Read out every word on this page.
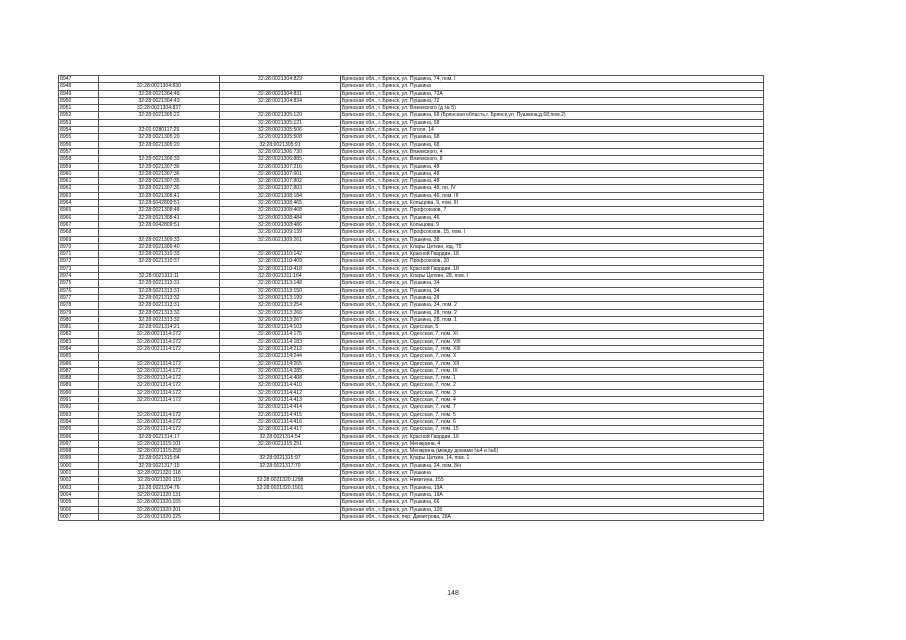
8947		32:28:0021304:829	Брянская обл., г. Брянск, ул. Пушкина, 74, пом. I
8948	32:28:0021304:830		Брянская обл., г. Брянск, ул. Пушкина
8949	32:28:0021304:48	32:28:0021304:831	Брянская обл., г. Брянск, ул. Пушкина, 72А
8950	32:28:0021304:43	32:28:0021304:834	Брянская обл., г. Брянск, ул. Пушкина, 72
8951	32:28:0021304:837		Брянская обл., г. Брянск, ул. Вяземского (д № 5)
8952	32:28:0021305:22	32:28:0021305:120	Брянская обл., г. Брянск, ул. Пушкина, 68 (Брянская область,г. Брянск,ул. Пушкина,д.68,пом.2)
8953		32:28:0021305:121	Брянская обл., г. Брянск, ул. Пушкина, 68
8954	32:01:0280117:25	32:28:0021305:506	Брянская обл., г. Брянск, ул. Гоголя, 14
8955	32:28:0021305:20	32:28:0021305:508	Брянская обл., г. Брянск, ул. Пушкина, 68
8956	32:28:0021305:20	32:28:0021305:91	Брянская обл., г. Брянск, ул. Пушкина, 68
8957		32:28:0021306:730	Брянская обл., г. Брянск, ул. Вяземского, 4
8958	32:28:0021306:33	32:28:0021306:885	Брянская обл., г. Брянск, ул. Вяземского, 8
8959	32:28:0021307:36	32:28:0021307:216	Брянская обл., г. Брянск, ул. Пушкина, 48
8960	32:28:0021307:36	32:28:0021307:601	Брянская обл., г. Брянск, ул. Пушкина, 48
8961	32:28:0021307:35	32:28:0021307:802	Брянская обл., г. Брянск, ул. Пушкина, 48
8962	32:28:0021307:35	32:28:0021307:803	Брянская обл., г. Брянск, ул. Пушкина, 48, пн. IV
8963	32:28:0021308:41	32:28:0021308:184	Брянская обл., г. Брянск, ул. Пушкина, 46, пом. III
8964	32:28:0042809:51	32:28:0021308:465	Брянская обл., г. Брянск, ул. Копыцова, 9, пом. III
8965	32:28:0021308:48	32:28:0021308:468	Брянская обл., г. Брянск, ул. Профсоюзов, 7
8966	32:28:0021308:41	32:28:0021308:484	Брянская обл., г. Брянск, ул. Пушкина, 46
8967	32:28:0042809:51	32:28:0021308:486	Брянская обл., г. Брянск, ул. Копыцова, 9
8968		32:28:0021309:139	Брянская обл., г. Брянск, ул. Профсоюзов, 15, пом. I
8969	32:28:0021309:33	32:28:0021309:261	Брянская обл., г. Брянск, ул. Пушкина, 38
8970	32:28:0021309:40		Брянская обл., г. Брянск, ул. Клары Цеткин, юд, Т5
8971	32:28:0021310:33	32:28:0021310:142	Брянская обл., г. Брянск, ул. Красной Гвардии, 18
8972	32:28:0021310:37	32:28:0021310:409	Брянская обл., г. Брянск, ул. Профсоюзов, 20
8973		32:28:0021310:418	Брянская обл., г. Брянск, ул. Красной Гвардии, 18
8974	32:28:0021311:11	32:28:0021311:164	Брянская обл., г. Брянск, ул. Клары Цеткин, 28, пом. I
8975	32:28:0021313:31	32:28:0021313:148	Брянская обл., г. Брянск, ул. Пушкина, 34
8976	32:28:0021313:31	32:28:0021313:150	Брянская обл., г. Брянск, ул. Пушкина, 34
8977	32:28:0021313:32	32:28:0021313:199	Брянская обл., г. Брянск, ул. Пушкина, 28
8978	32:28:0021313:31	32:28:0021313:254	Брянская обл., г. Брянск, ул. Пушкина, 34, пом. 2
8979	32:28:0021313:32	32:28:0021313:266	Брянская обл., г. Брянск, ул. Пушкина, 28, пом. 2
8980	32:28:0021313:32	32:28:0021313:267	Брянская обл., г. Брянск, ул. Пушкина, 28, пом. 1
8981	32:28:0021314:21	32:28:0021314:103	Брянская обл., г. Брянск, ул. Одесская, 5
8982	32:28:0021314:172	32:28:0021314:175	Брянская обл., г. Брянск, ул. Одесская, 7, пом. XI
8983	32:28:0021314:172	32:28:0021314:183	Брянская обл., г. Брянск, ул. Одесская, 7, пом. VIII
8984	32:28:0021314:172	32:28:0021314:213	Брянская обл., г. Брянск, ул. Одесская, 7, пом. XIII
8985		32:28:0021314:244	Брянская обл., г. Брянск, ул. Одесская, 7, пом. X
8986	32:28:0021314:172	32:28:0021314:265	Брянская обл., г. Брянск, ул. Одесская, 7, пом. XII
8987	32:28:0021314:172	32:28:0021314:285	Брянская обл., г. Брянск, ул. Одесская, 7, пом. IX
8988	32:28:0021314:172	32:28:0021314:408	Брянская обл., г. Брянск, ул. Одесская, 7, пом. 1
8989	32:28:0021314:172	32:28:0021314:410	Брянская обл., г. Брянск, ул. Одесская, 7, пом. 2
8990	32:28:0021314:172	32:28:0021314:412	Брянская обл., г. Брянск, ул. Одесская, 7, пом. 3
8991	32:28:0021314:172	32:28:0021314:413	Брянская обл., г. Брянск, ул. Одесская, 7, пом. 4
8992		32:28:0021314:414	Брянская обл., г. Брянск, ул. Одесская, 7, пом. 7
8993	32:28:0021314:172	32:28:0021314:415	Брянская обл., г. Брянск, ул. Одесская, 7, пом. 5
8994	32:28:0021314:172	32:28:0021314:416	Брянская обл., г. Брянск, ул. Одесская, 7, пом. 6
8995	32:28:0021314:172	32:28:0021314:417	Брянская обл., г. Брянск, ул. Одесская, 7, пом. 15
8996	32:28:0021314:17	32:28:0021314:54	Брянская обл., г. Брянск, ул. Красной Гвардии, 16
8997	32:28:0021315:101	32:28:0021315:251	Брянская обл., г. Брянск, ул. Менжрина, 4
8998	32:28:0021315:258		Брянская обл., г. Брянск, ул. Менжрина (между домами №4 и №6)
8999	32:28:0021315:84	32:28:0021315:97	Брянская обл., г. Брянск, ул. Клары Цеткин, 14, пом. 1
9000	32:28:0021317:15	32:28:0021317:70	Брянская обл., г. Брянск, ул. Пушкина, 24, пом. 8/н
9001	32:28:0021320:118		Брянская обл., г. Брянск, ул. Пушкина
9002	32:28:0021320:119	32:28:0021320:1298	Брянская обл., г. Брянск, ул. Никитина, 155
9003	32:28:0021204:76	32:28:0021320:1501	Брянская обл., г. Брянск, ул. Пушкина, 19А
9004	32:28:0021320:131		Брянская обл., г. Брянск, ул. Пушкина, 19А
9005	32:28:0021320:155		Брянская обл., г. Брянск, ул. Пушкина, 66
9006	32:28:0021320:201		Брянская обл., г. Брянск, ул. Пушкина, 12б
9007	32:28:0021320:225		Брянская обл., г. Брянск, пер. Димитрова, 28А
148
